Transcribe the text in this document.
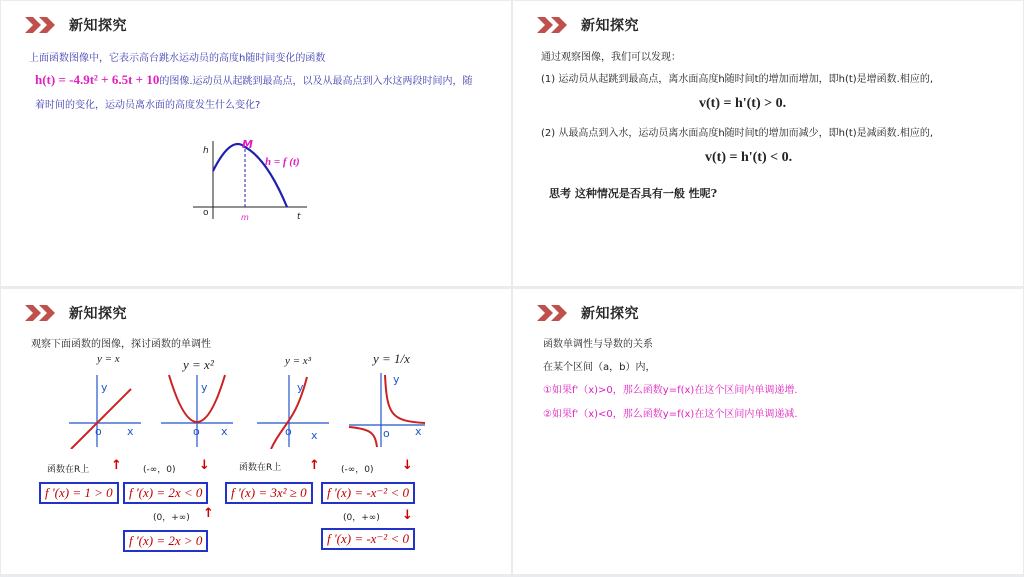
新知探究
上面函数图像中，它表示高台跳水运动员的高度h随时间变化的函数
h(t) = -4.9t² + 6.5t + 10的图像.运动员从起跳到最高点，以及从最高点到入水这两段时间内，随
着时间的变化，运动员离水面的高度发生什么变化?
h
o	m	t
M
h = f (t)
新知探究
通过观察图像，我们可以发现：
(1) 运动员从起跳到最高点，离水面高度h随时间t的增加而增加，即h(t)是增函数.相应的,
v(t) = h'(t) > 0.
(2) 从最高点到入水，运动员离水面高度h随时间t的增加而减少，即h(t)是减函数.相应的,
v(t) = h'(t) < 0.
思考 这种情况是否具有一般 性呢?
新知探究
观察下面函数的图像，探讨函数的单调性
y = x	y = x²	y = x³	y = 1/x
y
x
o
y
x
o
y
x
o
y
x
o
函数在R上 ↑ (-∞，0) ↓	函数在R上 ↑ (-∞，0) ↓
f '(x) = 1 > 0	f '(x) = 2x < 0	f '(x) = 3x² ≥ 0	f '(x) = -x⁻² < 0
(0，+∞) ↑	(0，+∞) ↓
f '(x) = 2x > 0	f '(x) = -x⁻² < 0
新知探究
函数单调性与导数的关系
在某个区间（a，b）内，
①如果f'（x)>0，那么函数y=f(x)在这个区间内单调递增.
②如果f'（x)<0，那么函数y=f(x)在这个区间内单调递减.
